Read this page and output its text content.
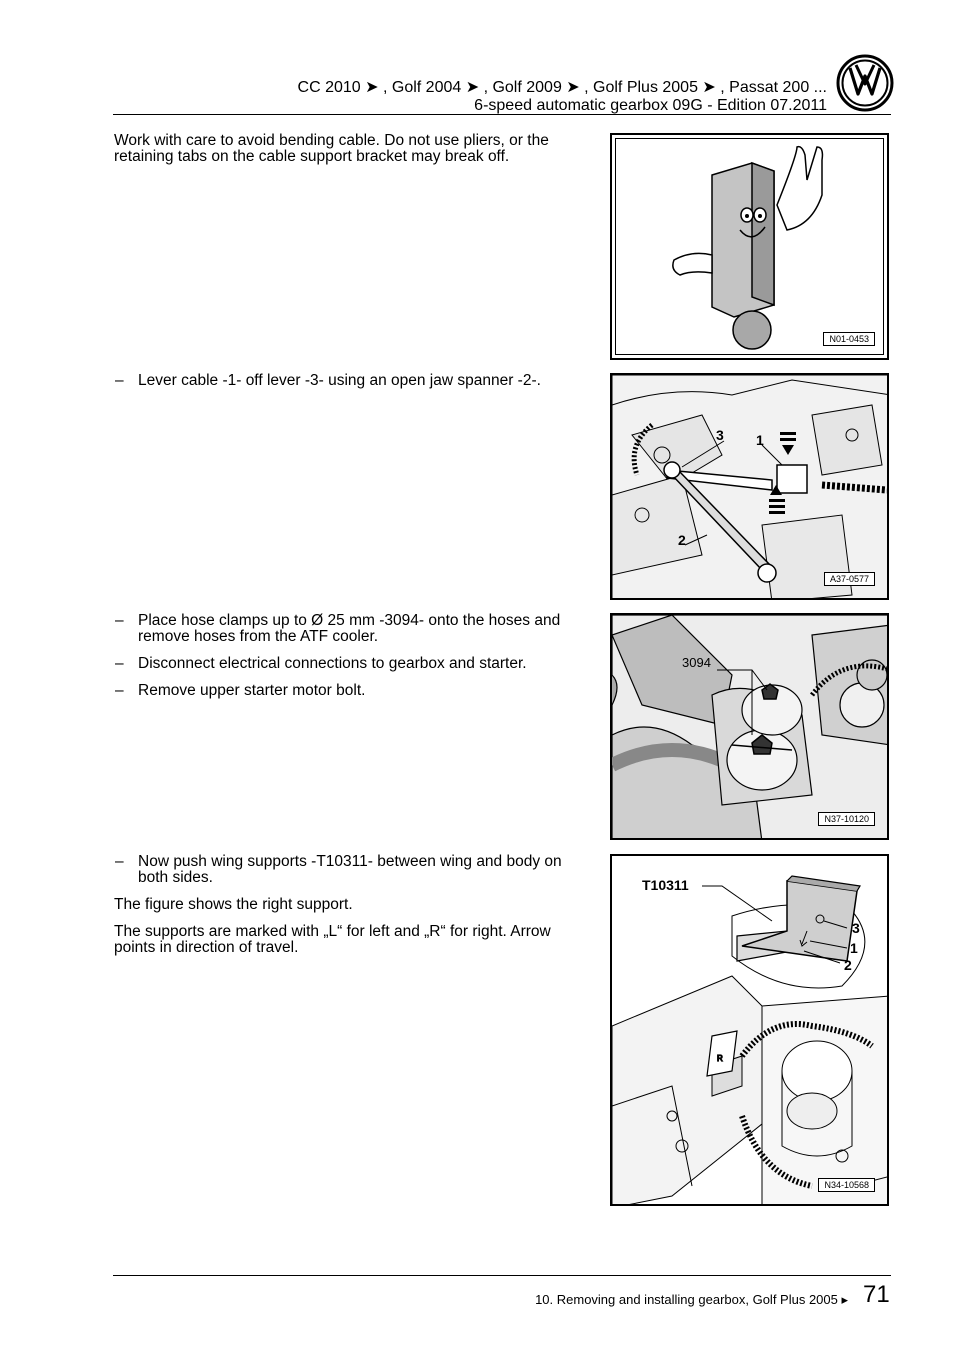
CC 2010 ➤ , Golf 2004 ➤ , Golf 2009 ➤ , Golf Plus 2005 ➤ , Passat 200 ...
6-speed automatic gearbox 09G - Edition 07.2011

Work with care to avoid bending cable. Do not use pliers, or the retaining tabs on the cable support bracket may break off.

N01-0453
– Lever cable -1- off lever -3- using an open jaw spanner -2-.
3 1
2
A37-0577
– Place hose clamps up to Ø 25 mm -3094- onto the hoses and remove hoses from the ATF cooler.
– Disconnect electrical connections to gearbox and starter.
– Remove upper starter motor bolt.
3094
N37-10120
– Now push wing supports -T10311- between wing and body on both sides.

The figure shows the right support.

The supports are marked with „L“ for left and „R“ for right. Arrow points in direction of travel.

R
T10311
3
1
2
N34-10568
10. Removing and installing gearbox, Golf Plus 2005 ▸ 71
